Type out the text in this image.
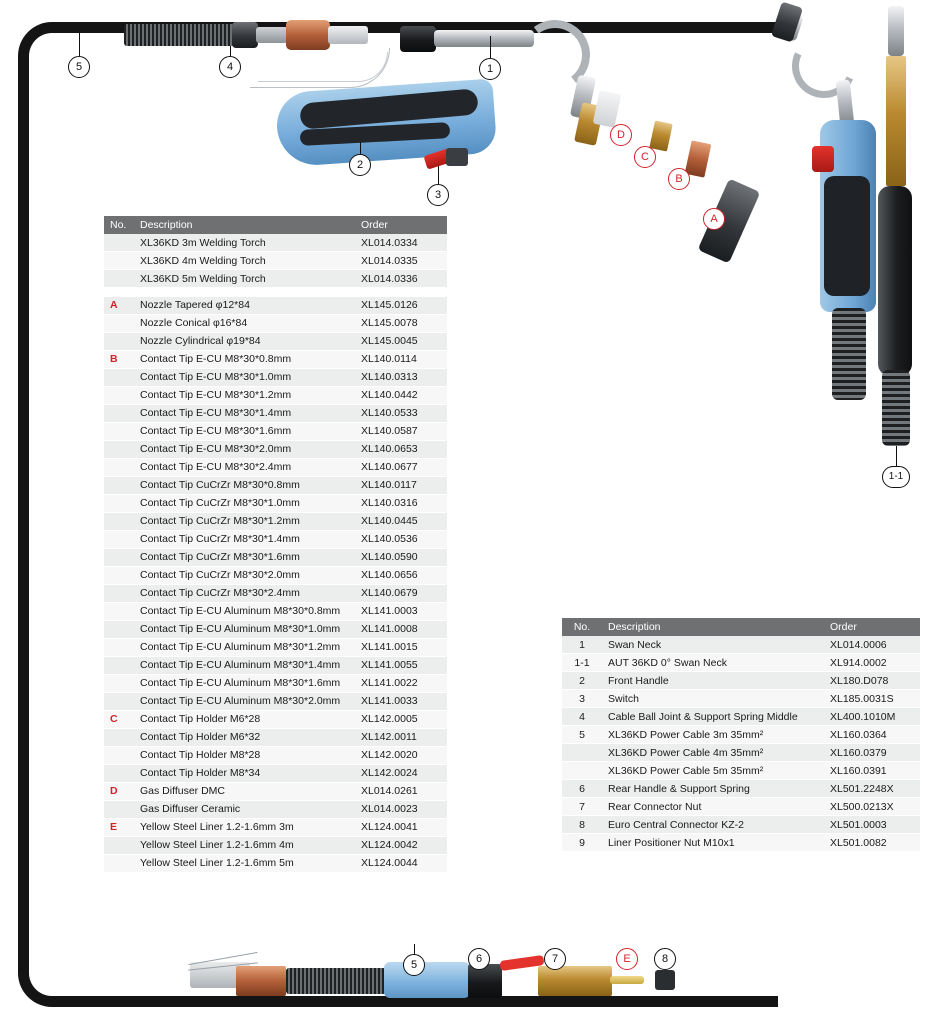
5	4	1
D
C
B
A
2
3
1-1
5	6	7	E	8
No.	Description	Order
	XL36KD 3m Welding Torch	XL014.0334
	XL36KD 4m Welding Torch	XL014.0335
	XL36KD 5m Welding Torch	XL014.0336

A	Nozzle Tapered φ12*84	XL145.0126
	Nozzle Conical φ16*84	XL145.0078
	Nozzle Cylindrical φ19*84	XL145.0045
B	Contact Tip E-CU M8*30*0.8mm	XL140.0114
	Contact Tip E-CU M8*30*1.0mm	XL140.0313
	Contact Tip E-CU M8*30*1.2mm	XL140.0442
	Contact Tip E-CU M8*30*1.4mm	XL140.0533
	Contact Tip E-CU M8*30*1.6mm	XL140.0587
	Contact Tip E-CU M8*30*2.0mm	XL140.0653
	Contact Tip E-CU M8*30*2.4mm	XL140.0677
	Contact Tip CuCrZr M8*30*0.8mm	XL140.0117
	Contact Tip CuCrZr M8*30*1.0mm	XL140.0316
	Contact Tip CuCrZr M8*30*1.2mm	XL140.0445
	Contact Tip CuCrZr M8*30*1.4mm	XL140.0536
	Contact Tip CuCrZr M8*30*1.6mm	XL140.0590
	Contact Tip CuCrZr M8*30*2.0mm	XL140.0656
	Contact Tip CuCrZr M8*30*2.4mm	XL140.0679
	Contact Tip E-CU Aluminum M8*30*0.8mm	XL141.0003
	Contact Tip E-CU Aluminum M8*30*1.0mm	XL141.0008
	Contact Tip E-CU Aluminum M8*30*1.2mm	XL141.0015
	Contact Tip E-CU Aluminum M8*30*1.4mm	XL141.0055
	Contact Tip E-CU Aluminum M8*30*1.6mm	XL141.0022
	Contact Tip E-CU Aluminum M8*30*2.0mm	XL141.0033
C	Contact Tip Holder M6*28	XL142.0005
	Contact Tip Holder M6*32	XL142.0011
	Contact Tip Holder M8*28	XL142.0020
	Contact Tip Holder M8*34	XL142.0024
D	Gas Diffuser DMC	XL014.0261
	Gas Diffuser Ceramic	XL014.0023
E	Yellow Steel Liner 1.2-1.6mm 3m	XL124.0041
	Yellow Steel Liner 1.2-1.6mm 4m	XL124.0042
	Yellow Steel Liner 1.2-1.6mm 5m	XL124.0044
No.	Description	Order
1	Swan Neck	XL014.0006
1-1	AUT 36KD 0° Swan Neck	XL914.0002
2	Front Handle	XL180.D078
3	Switch	XL185.0031S
4	Cable Ball Joint & Support Spring Middle	XL400.1010M
5	XL36KD Power Cable 3m 35mm²	XL160.0364
	XL36KD Power Cable 4m 35mm²	XL160.0379
	XL36KD Power Cable 5m 35mm²	XL160.0391
6	Rear Handle & Support Spring	XL501.2248X
7	Rear Connector Nut	XL500.0213X
8	Euro Central Connector KZ-2	XL501.0003
9	Liner Positioner Nut M10x1	XL501.0082
